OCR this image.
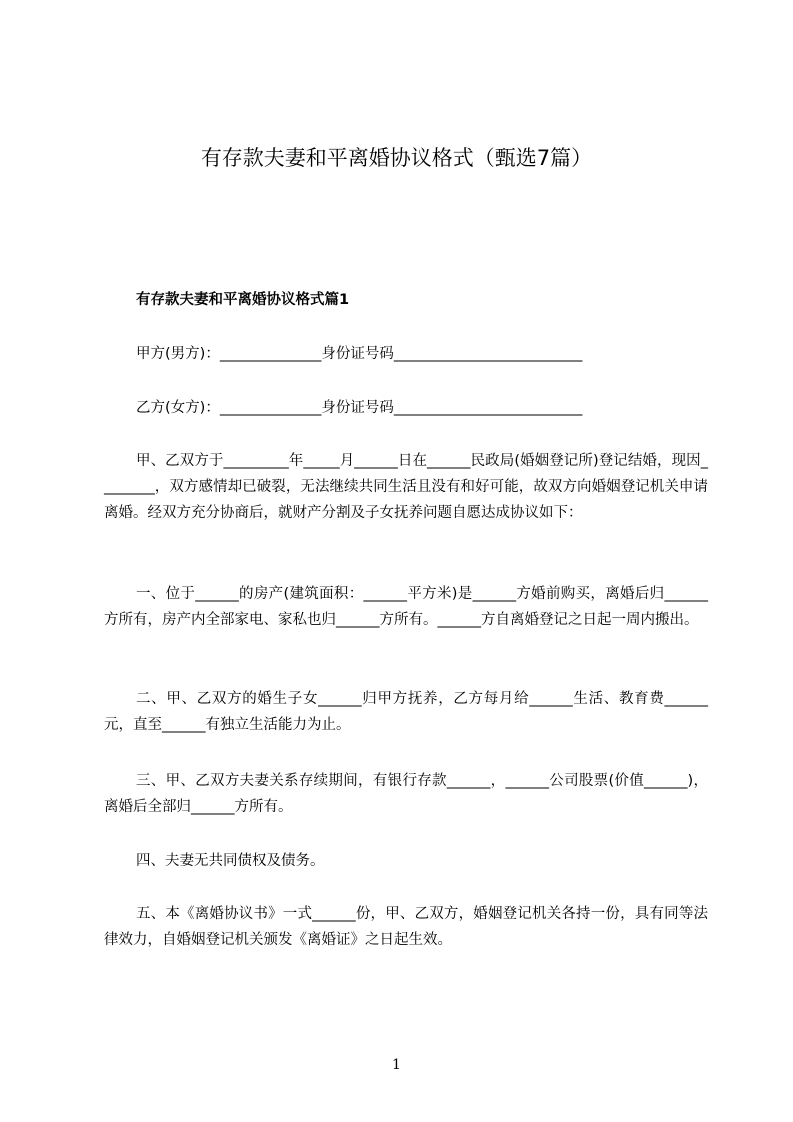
有存款夫妻和平离婚协议格式（甄选7篇）
有存款夫妻和平离婚协议格式篇1
甲方(男方)：______________身份证号码__________________________
乙方(女方)：______________身份证号码__________________________

甲、乙双方于_________年_____月______日在______民政局(婚姻登记所)登记结婚，现因________，双方感情却已破裂，无法继续共同生活且没有和好可能，故双方向婚姻登记机关申请离婚。经双方充分协商后，就财产分割及子女抚养问题自愿达成协议如下：

一、位于______的房产(建筑面积：______平方米)是______方婚前购买，离婚后归______方所有，房产内全部家电、家私也归______方所有。______方自离婚登记之日起一周内搬出。

二、甲、乙双方的婚生子女______归甲方抚养，乙方每月给______生活、教育费______元，直至______有独立生活能力为止。

三、甲、乙双方夫妻关系存续期间，有银行存款______，______公司股票(价值______)，离婚后全部归______方所有。

四、夫妻无共同债权及债务。

五、本《离婚协议书》一式______份，甲、乙双方，婚姻登记机关各持一份，具有同等法律效力，自婚姻登记机关颁发《离婚证》之日起生效。

1
